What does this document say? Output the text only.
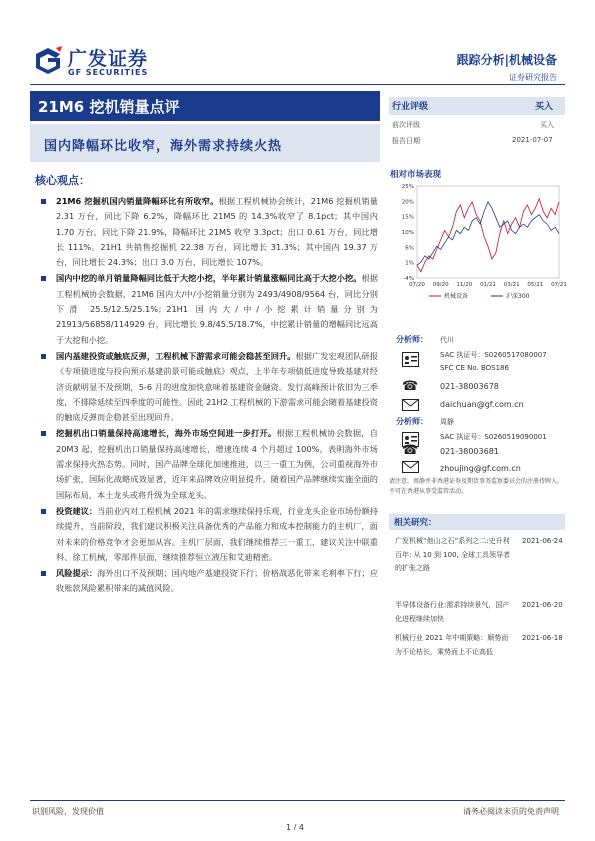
广发证券
GF SECURITIES
跟踪分析|机械设备
证券研究报告
21M6 挖机销量点评
国内降幅环比收窄，海外需求持续火热
核心观点：

21M6 挖掘机国内销量降幅环比有所收窄。根据工程机械协会统计，21M6 挖掘机销量 2.31 万台，同比下降 6.2%，降幅环比 21M5 的 14.3%收窄了 8.1pct；其中国内 1.70 万台，同比下降 21.9%，降幅环比 21M5 收窄 3.3pct；出口 0.61 万台，同比增长 111%。21H1 共销售挖掘机 22.38 万台，同比增长 31.3%；其中国内 19.37 万台，同比增长 24.3%；出口 3.0 万台，同比增长 107%。

国内中挖的单月销量降幅同比低于大挖小挖，半年累计销量涨幅同比高于大挖小挖。根据工程机械协会数据，21M6 国内大/中/小挖销量分别为 2493/4908/9564 台，同比分别下滑 25.5/12.5/25.1%；21H1 国内大/中/小挖累计销量分别为 21913/56858/114929 台，同比增长 9.8/45.5/18.7%，中挖累计销量的增幅同比远高于大挖和小挖。

国内基建投资或触底反弹，工程机械下游需求可能会稳甚至回升。根据广发宏观团队研报《专项债进度与投向预示基建前景可能或触底》观点，上半年专项债低进度导致基建对经济贡献明显不及预期，5-6 月的进度加快意味着基建资金融资。发行高峰预计依旧为三季度，不排除延续至四季度的可能性。因此 21H2 工程机械的下游需求可能会随着基建投资的触底反弹而企稳甚至出现回升。

挖掘机出口销量保持高速增长，海外市场空间进一步打开。根据工程机械协会数据，自 20M3 起，挖掘机出口销量保持高速增长，增速连续 4 个月超过 100%，表明海外市场需求保持火热态势。同时，国产品牌全球化加速推进，以三一重工为例，公司重视海外市场扩张，国际化战略成效显著，近年来品牌效应明显提升。随着国产品牌继续实施全面的国际布局，本土龙头或将升级为全球龙头。

投资建议：当前业内对工程机械 2021 年的需求继续保持乐观，行业龙头企业市场份额持续提升，当前阶段，我们建议积极关注具备优秀的产品能力和成本控制能力的主机厂，面对未来的价格竞争才会更加从容。主机厂层面，我们继续推荐三一重工，建议关注中联重科、徐工机械，零部件层面，继续推荐恒立液压和艾迪精密。

风险提示：海外出口不及预期；国内地产基建投资下行；价格战恶化带来毛利率下行；应收账款风险累积带来的减值风险。

行业评级	买入
前次评级	买入
报告日期	2021-07-07
相对市场表现
-4%
1%
6%
10%
15%
20%
25%
07/20 09/20 11/20 01/21 03/21 05/21 07/21
机械设备	沪深300
分析师： 代川
SAC 执证号：S0260517080007
SFC CE No. BOS186
☎	021-38003678
daichuan@gf.com.cn
分析师： 周静
SAC 执证号：S0260519090001
☎	021-38003681
zhoujing@gf.com.cn
请注意，周静并非香港证券及期货事务监察委员会的注册持牌人，不可在香港从事受监管活动。
相关研究：
广发机械“他山之石”系列之二:史升利百年: 从 10 到 100, 全球工具领导者的扩张之路
2021-06-24
半导体设备行业:需求持续景气，国产化进程继续加快
2021-06-20
机械行业 2021 年中期策略：顺势而为不论枯长，乘势而上不论高低
2021-06-18
识别风险，发现价值	请务必阅读末页的免责声明
1 / 4
